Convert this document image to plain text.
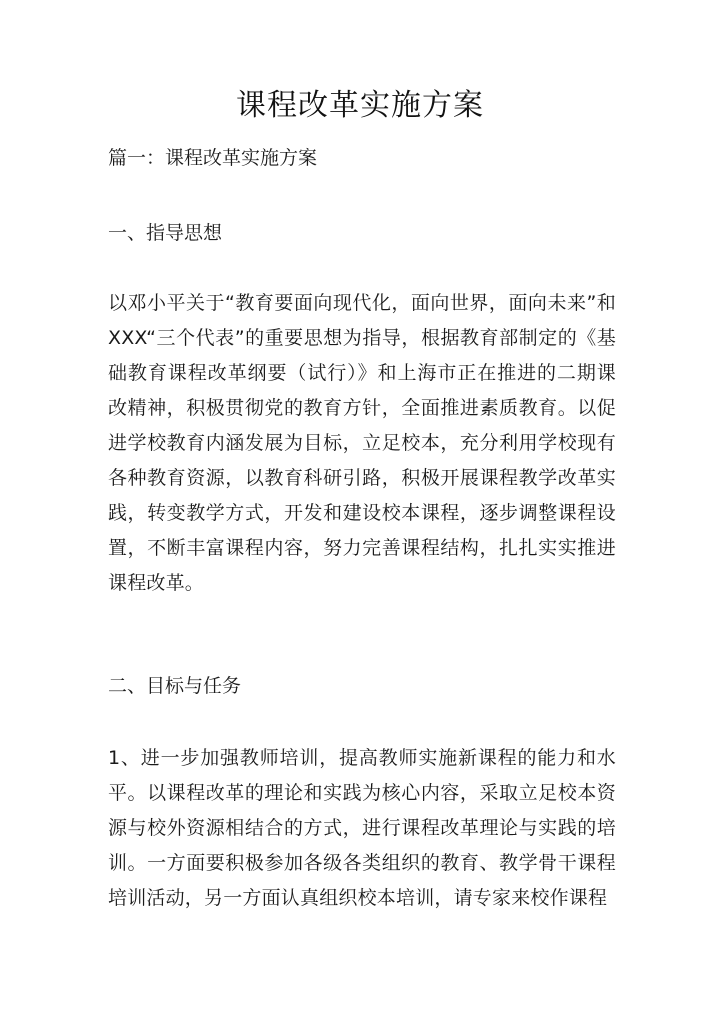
课程改革实施方案

篇一：课程改革实施方案

一、指导思想

以邓小平关于“教育要面向现代化，面向世界，面向未来”和XXX“三个代表”的重要思想为指导，根据教育部制定的《基础教育课程改革纲要（试行）》和上海市正在推进的二期课改精神，积极贯彻党的教育方针，全面推进素质教育。以促进学校教育内涵发展为目标，立足校本，充分利用学校现有各种教育资源，以教育科研引路，积极开展课程教学改革实践，转变教学方式，开发和建设校本课程，逐步调整课程设置，不断丰富课程内容，努力完善课程结构，扎扎实实推进课程改革。

二、目标与任务

1、进一步加强教师培训，提高教师实施新课程的能力和水平。以课程改革的理论和实践为核心内容，采取立足校本资源与校外资源相结合的方式，进行课程改革理论与实践的培训。一方面要积极参加各级各类组织的教育、教学骨干课程培训活动，另一方面认真组织校本培训，请专家来校作课程
